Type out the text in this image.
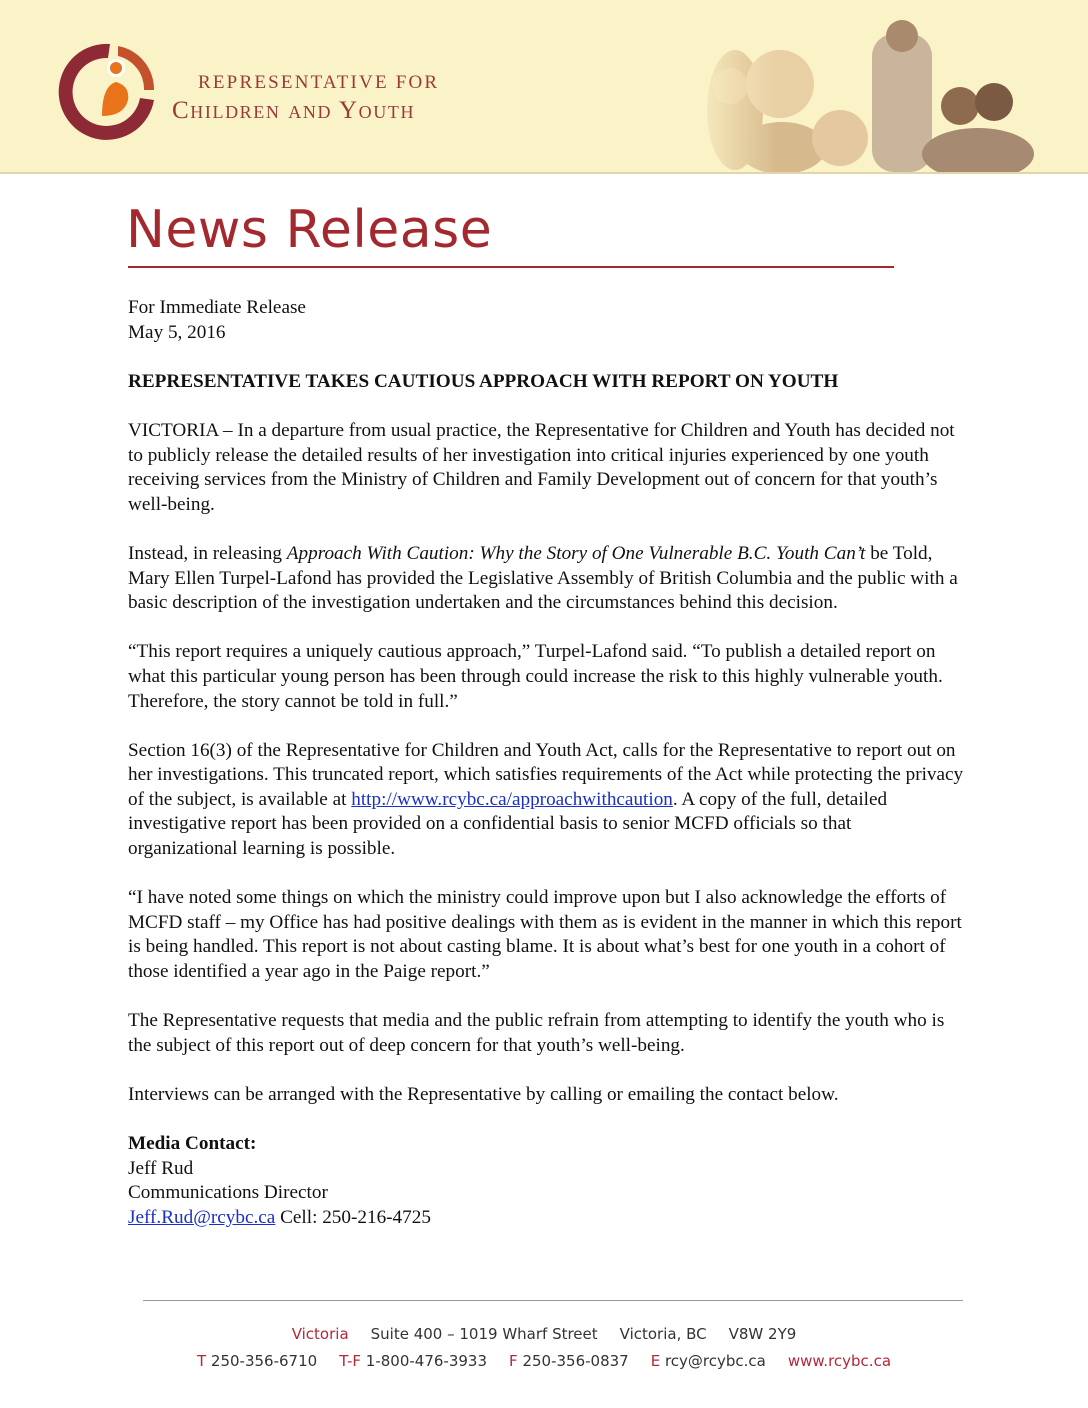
REPRESENTATIVE FOR
Children and Youth
News Release

For Immediate Release

May 5, 2016

REPRESENTATIVE TAKES CAUTIOUS APPROACH WITH REPORT ON YOUTH

VICTORIA – In a departure from usual practice, the Representative for Children and Youth has decided not to publicly release the detailed results of her investigation into critical injuries experienced by one youth receiving services from the Ministry of Children and Family Development out of concern for that youth’s well-being.

Instead, in releasing Approach With Caution: Why the Story of One Vulnerable B.C. Youth Can’t be Told, Mary Ellen Turpel-Lafond has provided the Legislative Assembly of British Columbia and the public with a basic description of the investigation undertaken and the circumstances behind this decision.

“This report requires a uniquely cautious approach,” Turpel-Lafond said. “To publish a detailed report on what this particular young person has been through could increase the risk to this highly vulnerable youth. Therefore, the story cannot be told in full.”

Section 16(3) of the Representative for Children and Youth Act, calls for the Representative to report out on her investigations. This truncated report, which satisfies requirements of the Act while protecting the privacy of the subject, is available at http://www.rcybc.ca/approachwithcaution. A copy of the full, detailed investigative report has been provided on a confidential basis to senior MCFD officials so that organizational learning is possible.

“I have noted some things on which the ministry could improve upon but I also acknowledge the efforts of MCFD staff – my Office has had positive dealings with them as is evident in the manner in which this report is being handled. This report is not about casting blame. It is about what’s best for one youth in a cohort of those identified a year ago in the Paige report.”

The Representative requests that media and the public refrain from attempting to identify the youth who is the subject of this report out of deep concern for that youth’s well-being.

Interviews can be arranged with the Representative by calling or emailing the contact below.

Media Contact:

Jeff Rud

Communications Director

Jeff.Rud@rcybc.ca Cell: 250-216-4725

Victoria Suite 400 – 1019 Wharf Street Victoria, BC V8W 2Y9
T 250-356-6710 T-F 1-800-476-3933 F 250-356-0837 E rcy@rcybc.ca www.rcybc.ca
